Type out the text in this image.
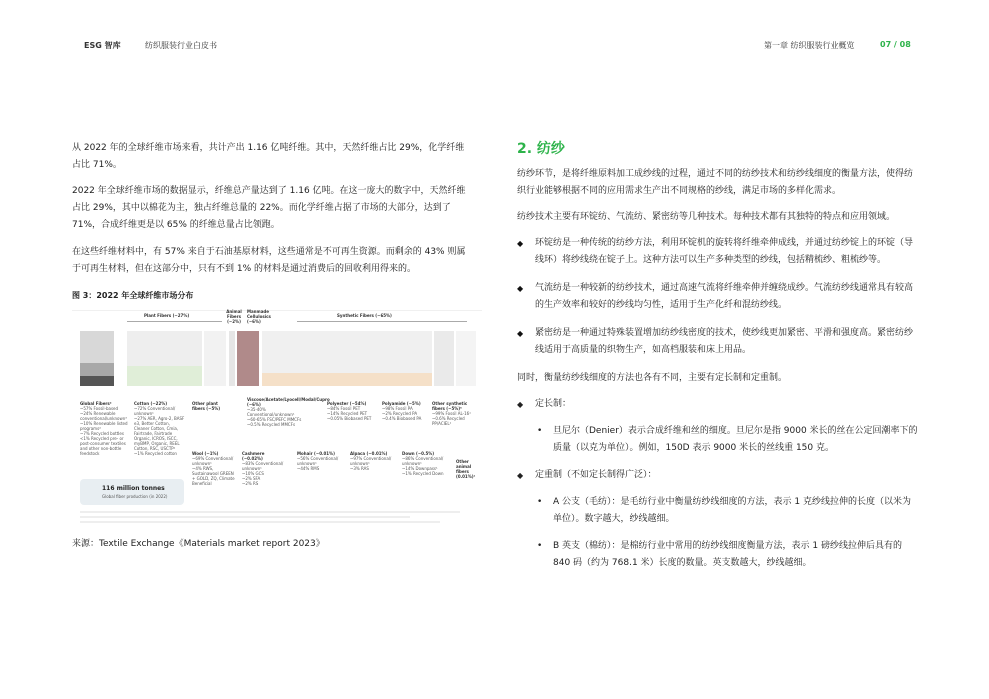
ESG 智库	纺织服装行业白皮书	第一章 纺织服装行业概览	07 / 08

从 2022 年的全球纤维市场来看，共计产出 1.16 亿吨纤维。其中，天然纤维占比 29%，化学纤维占比 71%。

2022 年全球纤维市场的数据显示，纤维总产量达到了 1.16 亿吨。在这一庞大的数字中，天然纤维占比 29%，其中以棉花为主，独占纤维总量的 22%。而化学纤维占据了市场的大部分，达到了 71%，合成纤维更是以 65% 的纤维总量占比领跑。

在这些纤维材料中，有 57% 来自于石油基原材料，这些通常是不可再生资源。而剩余的 43% 则属于可再生材料，但在这部分中，只有不到 1% 的材料是通过消费后的回收利用得来的。

图 3：2022 年全球纤维市场分布
Plant Fibers (~27%)
Animal Fibers (~2%)
Manmade Cellulosics (~6%)
Synthetic Fibers (~65%)
Global Fibers²
~57% Fossil-based
~24% Renewable conventional/unknown³
~10% Renewable listed programs⁴
~7% Recycled bottles
<1% Recycled pre- or post-consumer textiles and other non-bottle feedstock
Cotton (~22%)
~72% Conventional/ unknown¹
~27% AER, Agro-2, BASF e3, Better Cotton, Cleaner Cotton, Cmia, Fairtrade, Fairtrade Organic, ICROS, ISCC, myBMP, Organic, REEL Cotton, RSC, USCTP¹
~1% Recycled cotton
Other plant fibers (~5%)
Viscose/Acetate/Lyocell/Modal/Cupro (~6%)
~35-40% Conventional/unknown¹
~60-65% FSC/PEFC MMCFs
~0.5% Recycled MMCFs
Polyester (~54%)
~84% Fossil PET
~14% Recycled PET
~0.05% Biobased PET
Polyamide (~5%)
~98% Fossil PA
~2% Recycled PA
~0.4% Biobased PA
Other synthetic fibers (~5%)⁶
~99% Fossil AL-16¹
~0.6% Recycled PP/ACIEL¹
Wool (~1%)
~69% Conventional/ unknown¹
~4% RWS, Sustainawool GREEN + GOLD, ZQ, Climate Beneficial
Cashmere (~0.02%)
~83% Conventional/ unknown¹
~10% GCS
~2% SFA
~2% RS
Mohair (~0.01%)
~56% Conventional/ unknown¹
~44% RMS
Alpaca (~0.01%)
~97% Conventional/ unknown¹
~3% RAS
Down (~0.5%)
~86% Conventional/ unknown¹
~14% Downpass¹
~1% Recycled Down
Other animal fibers (0.01%)¹
116 million tonnes
Global fiber production (in 2022)
来源：Textile Exchange《Materials market report 2023》
2. 纺纱

纺纱环节，是将纤维原料加工成纱线的过程，通过不同的纺纱技术和纺纱线细度的衡量方法，使得纺织行业能够根据不同的应用需求生产出不同规格的纱线，满足市场的多样化需求。

纺纱技术主要有环锭纺、气流纺、紧密纺等几种技术。每种技术都有其独特的特点和应用领域。

◆ 环锭纺是一种传统的纺纱方法，利用环锭机的旋转将纤维牵伸成线，并通过纺纱锭上的环锭（导线环）将纱线绕在锭子上。这种方法可以生产多种类型的纱线，包括精梳纱、粗梳纱等。
◆ 气流纺是一种较新的纺纱技术，通过高速气流将纤维牵伸并缠绕成纱。气流纺纱线通常具有较高的生产效率和较好的纱线均匀性，适用于生产化纤和混纺纱线。
◆ 紧密纺是一种通过特殊装置增加纺纱线密度的技术，使纱线更加紧密、平滑和强度高。紧密纺纱线适用于高质量的织物生产，如高档服装和床上用品。

同时，衡量纺纱线细度的方法也各有不同，主要有定长制和定重制。

◆ 定长制：
• 旦尼尔（Denier）表示合成纤维和丝的细度。旦尼尔是指 9000 米长的丝在公定回潮率下的质量（以克为单位）。例如，150D 表示 9000 米长的丝线重 150 克。
◆ 定重制（不如定长制得广泛）：
• A 公支（毛纺）：是毛纺行业中衡量纺纱线细度的方法，表示 1 克纱线拉伸的长度（以米为单位）。数字越大，纱线越细。
• B 英支（棉纺）：是棉纺行业中常用的纺纱线细度衡量方法，表示 1 磅纱线拉伸后具有的 840 码（约为 768.1 米）长度的数量。英支数越大，纱线越细。
